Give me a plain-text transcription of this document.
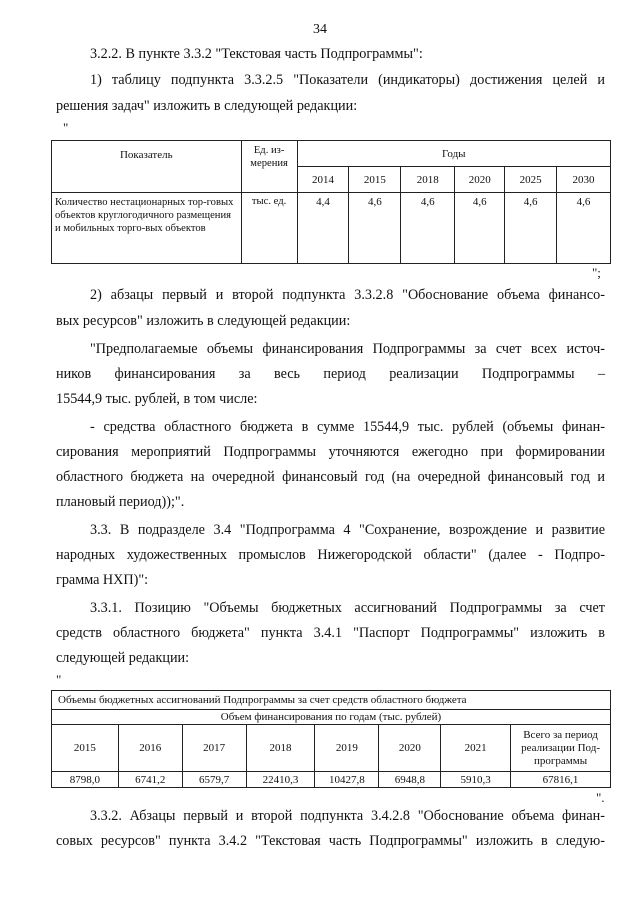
34
3.2.2. В пункте 3.3.2 "Текстовая часть Подпрограммы":
1) таблицу подпункта 3.3.2.5 "Показатели (индикаторы) достижения целей и
решения задач" изложить в следующей редакции:
"
Показатель	Ед. из-мерения	Годы					
		2014	2015	2018	2020	2025	2030
Количество нестационарных тор-говых объектов круглогодичного размещения и мобильных торго-вых объектов	тыс. ед.	4,4	4,6	4,6	4,6	4,6	4,6
";
2) абзацы первый и второй подпункта 3.3.2.8 "Обоснование объема финансо-
вых ресурсов" изложить в следующей редакции:
"Предполагаемые объемы финансирования Подпрограммы за счет всех источ-
ников финансирования за весь период реализации Подпрограммы –
15544,9 тыс. рублей, в том числе:
- средства областного бюджета в сумме 15544,9 тыс. рублей (объемы финан-
сирования мероприятий Подпрограммы уточняются ежегодно при формировании
областного бюджета на очередной финансовый год (на очередной финансовый год и
плановый период));".
3.3. В подразделе 3.4 "Подпрограмма 4 "Сохранение, возрождение и развитие
народных художественных промыслов Нижегородской области" (далее - Подпро-
грамма НХП)":
3.3.1. Позицию "Объемы бюджетных ассигнований Подпрограммы за счет
средств областного бюджета" пункта 3.4.1 "Паспорт Подпрограммы" изложить в
следующей редакции:
"
Объемы бюджетных ассигнований Подпрограммы за счет средств областного бюджета							
Объем финансирования по годам (тыс. рублей)							
2015	2016	2017	2018	2019	2020	2021	Всего за период реализации Под-программы
8798,0	6741,2	6579,7	22410,3	10427,8	6948,8	5910,3	67816,1
".
3.3.2. Абзацы первый и второй подпункта 3.4.2.8 "Обоснование объема финан-
совых ресурсов" пункта 3.4.2 "Текстовая часть Подпрограммы" изложить в следую-
